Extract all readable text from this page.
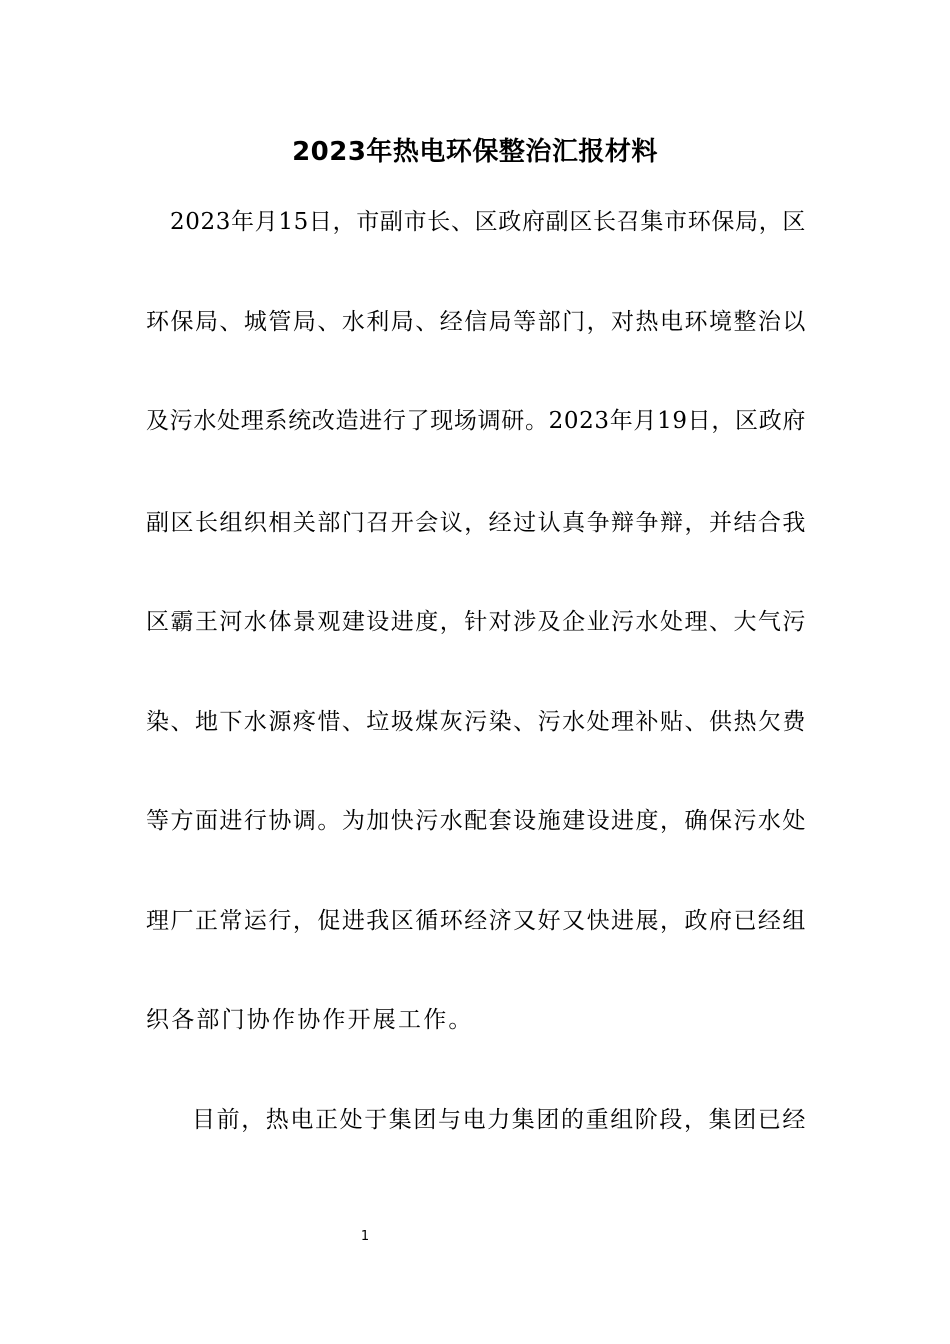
2023年热电环保整治汇报材料
2023年月15日，市副市长、区政府副区长召集市环保局，区
环保局、城管局、水利局、经信局等部门，对热电环境整治以
及污水处理系统改造进行了现场调研。2023年月19日，区政府
副区长组织相关部门召开会议，经过认真争辩争辩，并结合我
区霸王河水体景观建设进度，针对涉及企业污水处理、大气污
染、地下水源疼惜、垃圾煤灰污染、污水处理补贴、供热欠费
等方面进行协调。为加快污水配套设施建设进度，确保污水处
理厂正常运行，促进我区循环经济又好又快进展，政府已经组
织各部门协作协作开展工作。
目前，热电正处于集团与电力集团的重组阶段，集团已经
1
